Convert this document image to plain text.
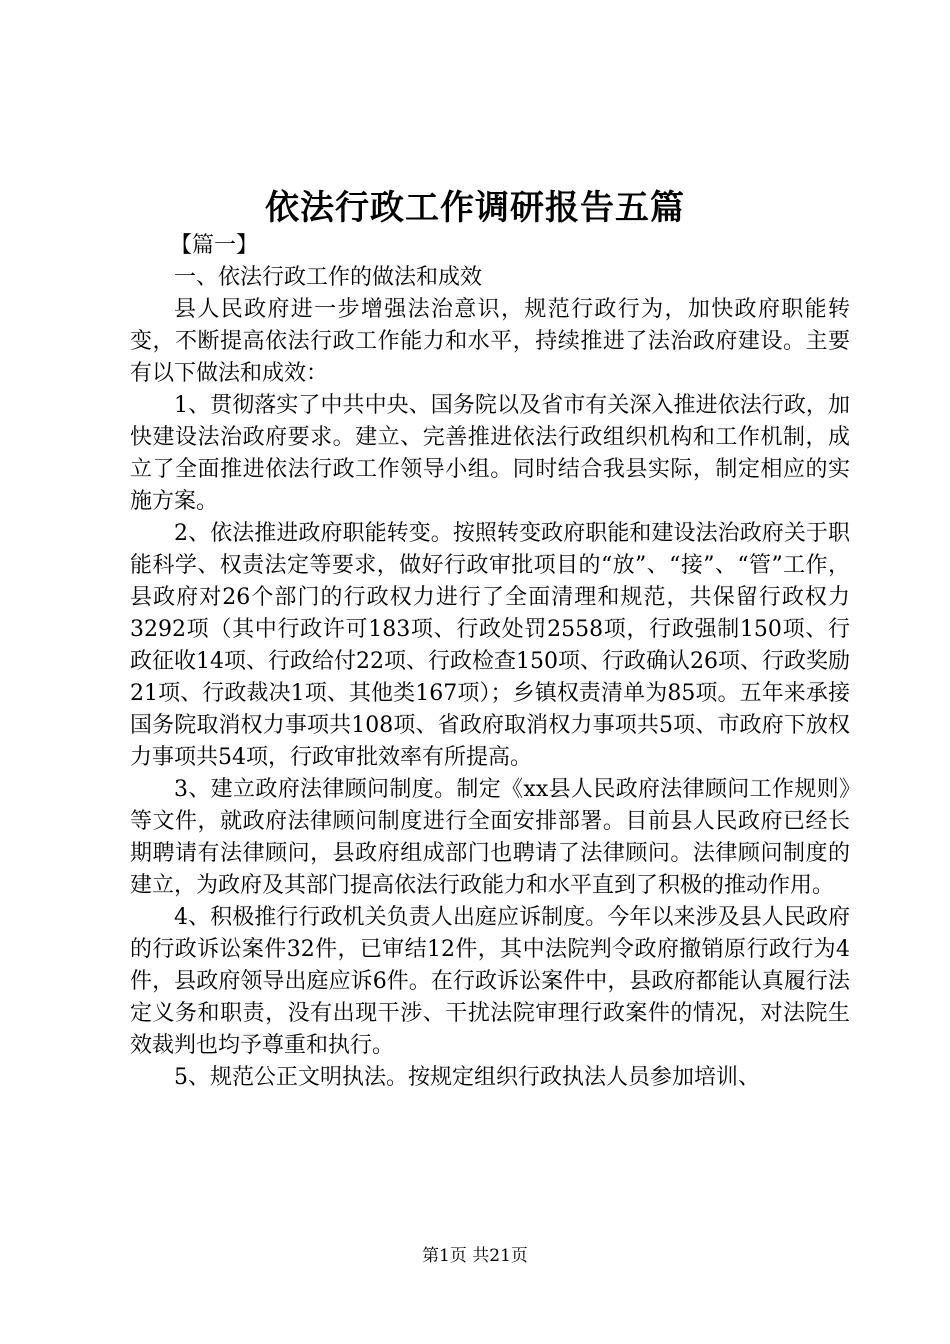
依法行政工作调研报告五篇

【篇一】

一、依法行政工作的做法和成效

县人民政府进一步增强法治意识，规范行政行为，加快政府职能转变，不断提高依法行政工作能力和水平，持续推进了法治政府建设。主要有以下做法和成效：

1、贯彻落实了中共中央、国务院以及省市有关深入推进依法行政，加快建设法治政府要求。建立、完善推进依法行政组织机构和工作机制，成立了全面推进依法行政工作领导小组。同时结合我县实际，制定相应的实施方案。

2、依法推进政府职能转变。按照转变政府职能和建设法治政府关于职能科学、权责法定等要求，做好行政审批项目的“放”、“接”、“管”工作，县政府对26个部门的行政权力进行了全面清理和规范，共保留行政权力3292项（其中行政许可183项、行政处罚2558项，行政强制150项、行政征收14项、行政给付22项、行政检查150项、行政确认26项、行政奖励21项、行政裁决1项、其他类167项）；乡镇权责清单为85项。五年来承接国务院取消权力事项共108项、省政府取消权力事项共5项、市政府下放权力事项共54项，行政审批效率有所提高。

3、建立政府法律顾问制度。制定《xx县人民政府法律顾问工作规则》等文件，就政府法律顾问制度进行全面安排部署。目前县人民政府已经长期聘请有法律顾问，县政府组成部门也聘请了法律顾问。法律顾问制度的建立，为政府及其部门提高依法行政能力和水平直到了积极的推动作用。

4、积极推行行政机关负责人出庭应诉制度。今年以来涉及县人民政府的行政诉讼案件32件，已审结12件，其中法院判令政府撤销原行政行为4件，县政府领导出庭应诉6件。在行政诉讼案件中，县政府都能认真履行法定义务和职责，没有出现干涉、干扰法院审理行政案件的情况，对法院生效裁判也均予尊重和执行。

5、规范公正文明执法。按规定组织行政执法人员参加培训、

第1页 共21页
